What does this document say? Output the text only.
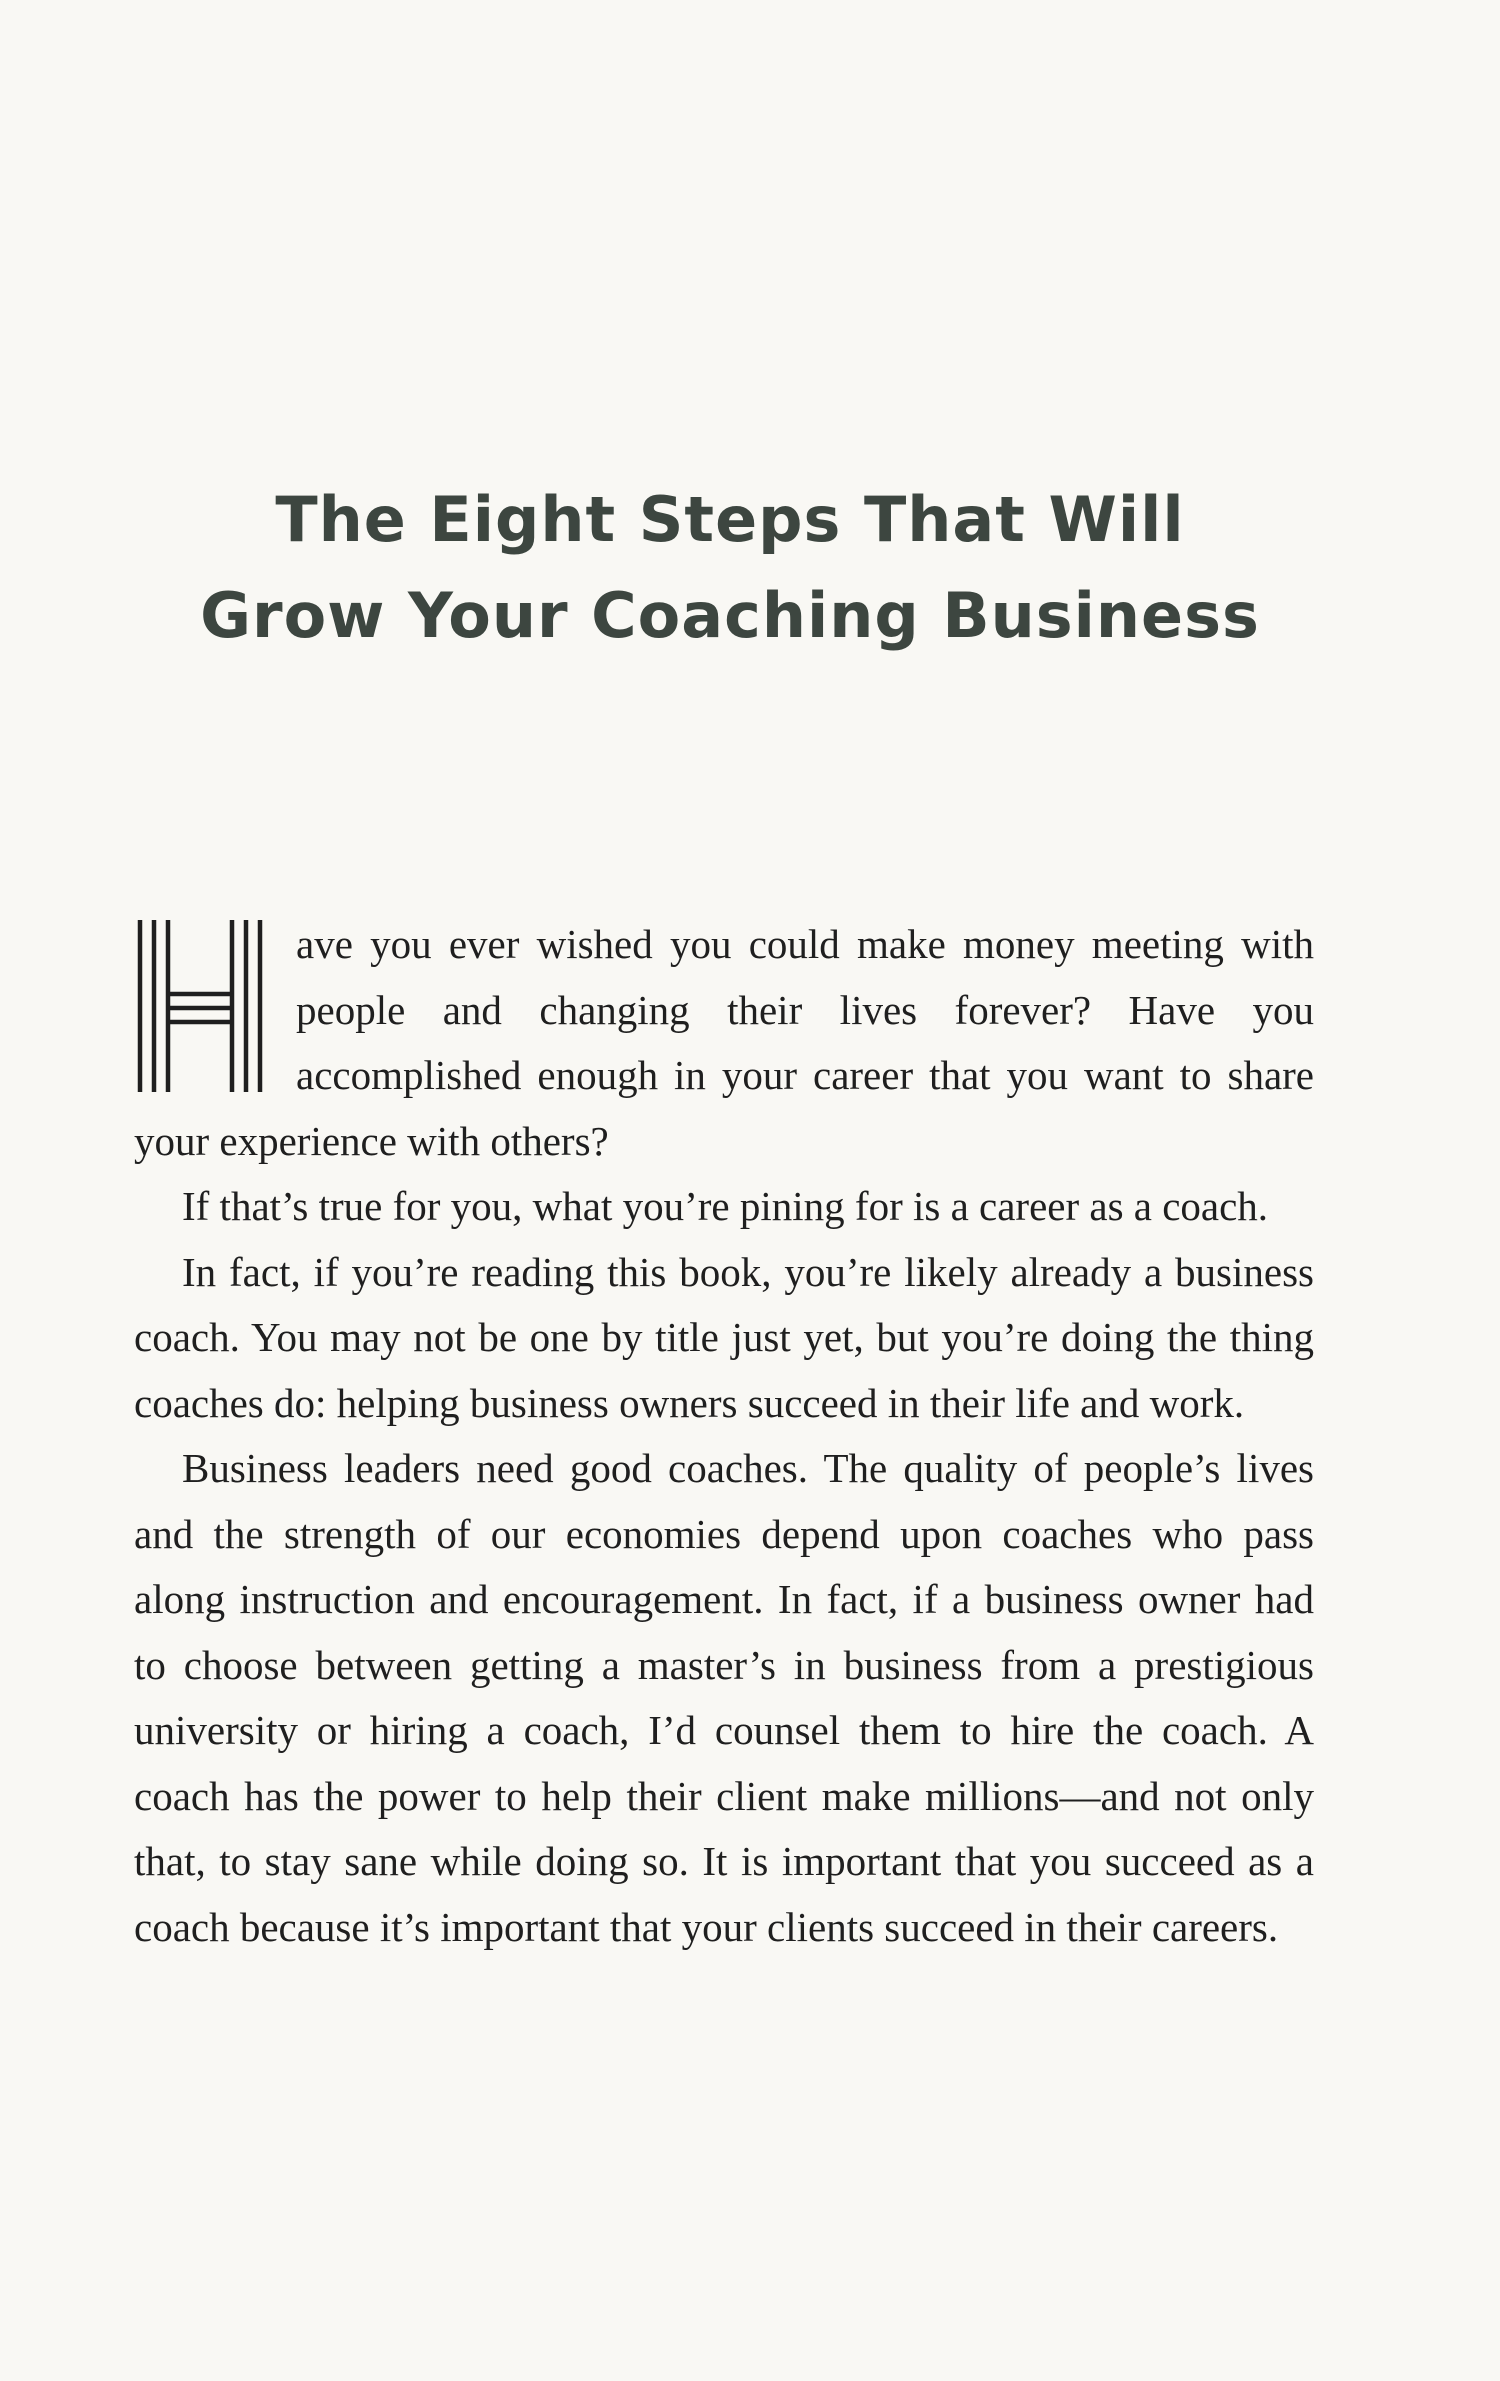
The Eight Steps That Will
Grow Your Coaching Business

H
ave you ever wished you could make money meeting with people and changing their lives forever? Have you accomplished enough in your career that you want to share your experience with others?

If that’s true for you, what you’re pining for is a career as a coach.

In fact, if you’re reading this book, you’re likely already a business coach. You may not be one by title just yet, but you’re doing the thing coaches do: helping business owners succeed in their life and work.

Business leaders need good coaches. The quality of people’s lives and the strength of our economies depend upon coaches who pass along instruction and encouragement. In fact, if a business owner had to choose between getting a master’s in business from a prestigious university or hiring a coach, I’d counsel them to hire the coach. A coach has the power to help their client make millions—and not only that, to stay sane while doing so. It is important that you succeed as a coach because it’s important that your clients succeed in their careers.
